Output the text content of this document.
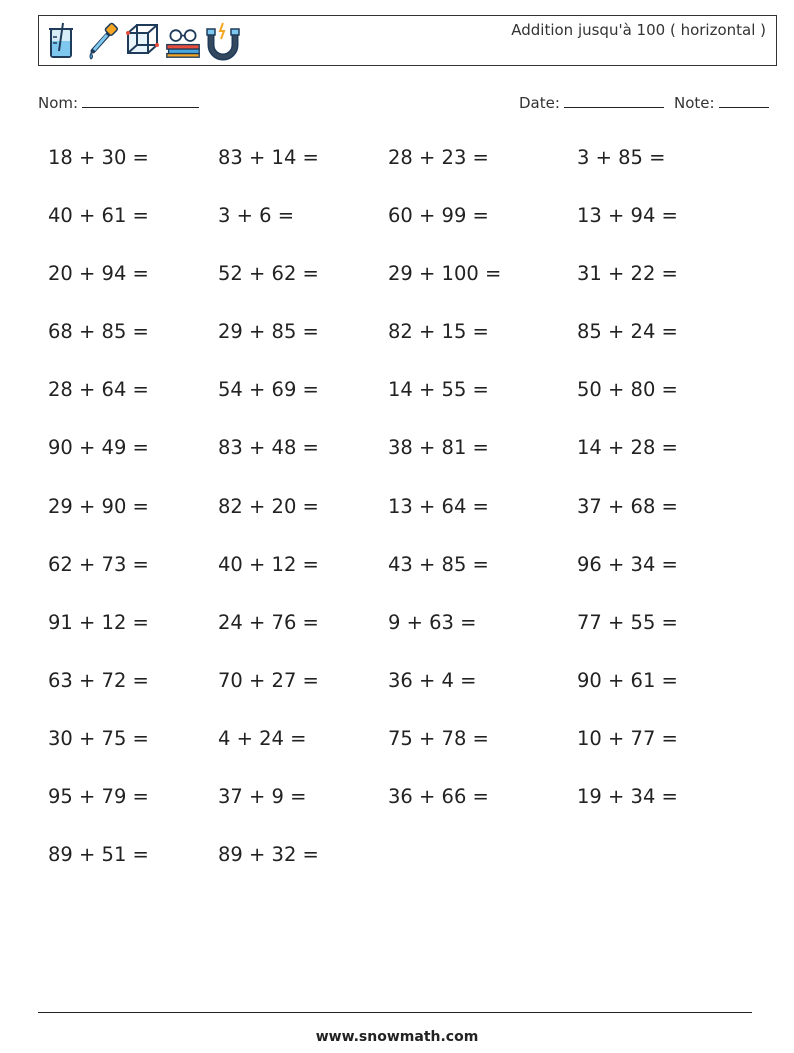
Addition jusqu'à 100 ( horizontal )
Nom:	Date:	Note:
18 + 30 =	83 + 14 =	28 + 23 =	3 + 85 =
40 + 61 =	3 + 6 =	60 + 99 =	13 + 94 =
20 + 94 =	52 + 62 =	29 + 100 =	31 + 22 =
68 + 85 =	29 + 85 =	82 + 15 =	85 + 24 =
28 + 64 =	54 + 69 =	14 + 55 =	50 + 80 =
90 + 49 =	83 + 48 =	38 + 81 =	14 + 28 =
29 + 90 =	82 + 20 =	13 + 64 =	37 + 68 =
62 + 73 =	40 + 12 =	43 + 85 =	96 + 34 =
91 + 12 =	24 + 76 =	9 + 63 =	77 + 55 =
63 + 72 =	70 + 27 =	36 + 4 =	90 + 61 =
30 + 75 =	4 + 24 =	75 + 78 =	10 + 77 =
95 + 79 =	37 + 9 =	36 + 66 =	19 + 34 =
89 + 51 =	89 + 32 =
www.snowmath.com
